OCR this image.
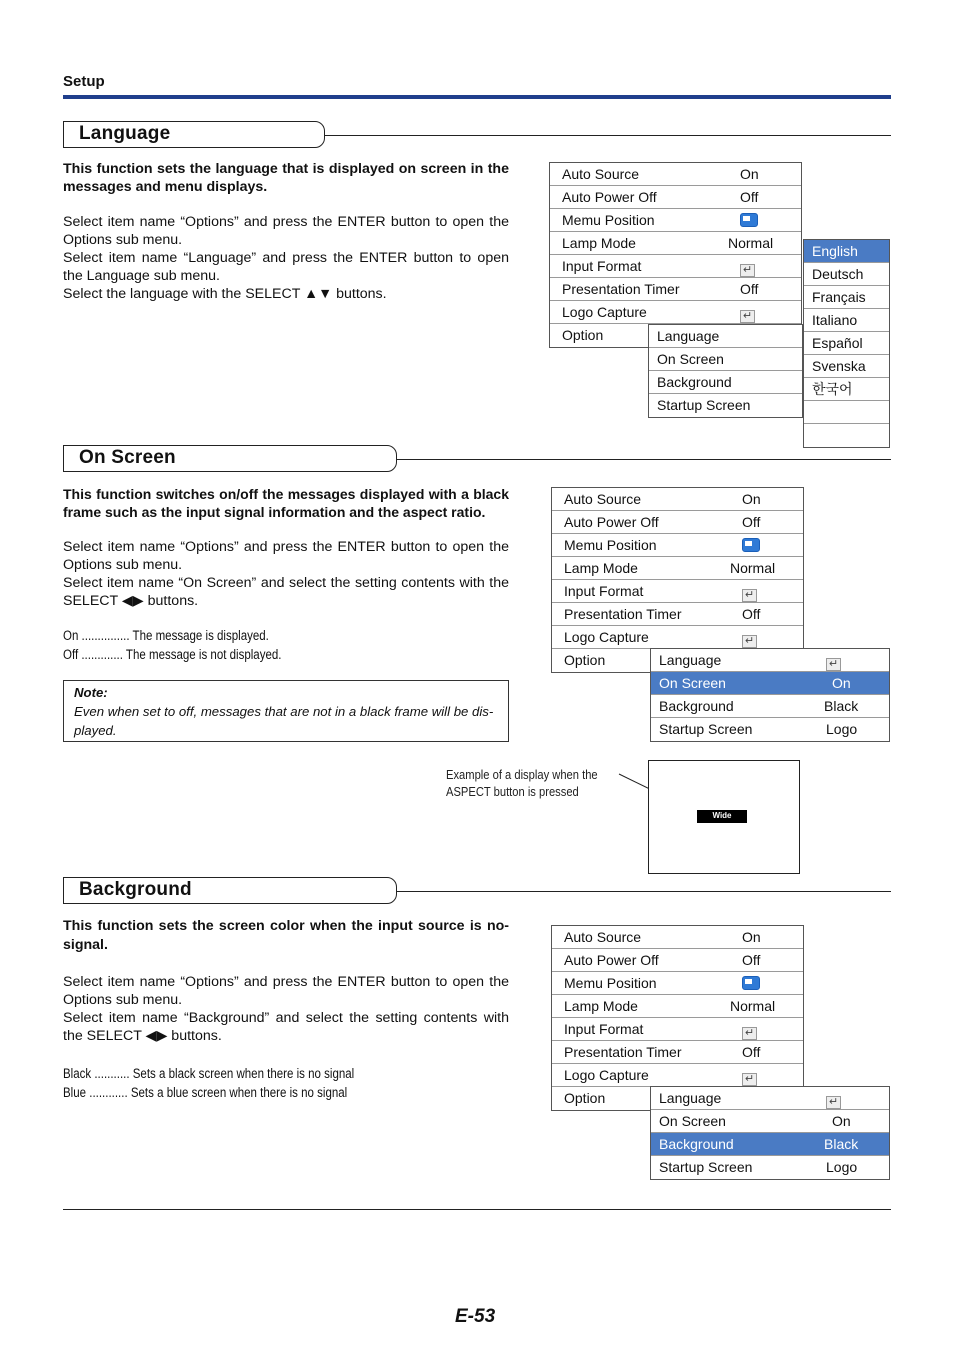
Setup
Language
This function sets the language that is displayed on screen in the messages and menu displays.

Select item name “Options” and press the ENTER button to open the Options sub menu.

Select item name “Language” and press the ENTER button to open the Language sub menu.

Select the language with the SELECT ▲▼ buttons.

Auto Source	On
Auto Power Off	Off
Memu Position
Lamp Mode	Normal
Input Format	↵
Presentation Timer	Off
Logo Capture	↵
Option	Language
On Screen
Background
Startup Screen
English
Deutsch
Français
Italiano
Español
Svenska
한국어
On Screen
This function switches on/off the messages displayed with a black frame such as the input signal information and the aspect ratio.

Select item name “Options” and press the ENTER button to open the Options sub menu.

Select item name “On Screen” and select the setting contents with the SELECT ◀▶ buttons.

On ............... The message is displayed.
Off ............. The message is not displayed.
Note:
Even when set to off, messages that are not in a black frame will be dis-played.
Auto Source	On
Auto Power Off	Off
Memu Position
Lamp Mode	Normal
Input Format	↵
Presentation Timer	Off
Logo Capture	↵
Option	Language	↵
On Screen	On
Background	Black
Startup Screen	Logo
Example of a display when the
ASPECT button is pressed
Wide
Background
This function sets the screen color when the input source is no-signal.

Select item name “Options” and press the ENTER button to open the Options sub menu.

Select item name “Background” and select the setting contents with the SELECT ◀▶ buttons.

Black ........... Sets a black screen when there is no signal
Blue ............ Sets a blue screen when there is no signal
Auto Source	On
Auto Power Off	Off
Memu Position
Lamp Mode	Normal
Input Format	↵
Presentation Timer	Off
Logo Capture	↵
Option	Language	↵
On Screen	On
Background	Black
Startup Screen	Logo
E-53
